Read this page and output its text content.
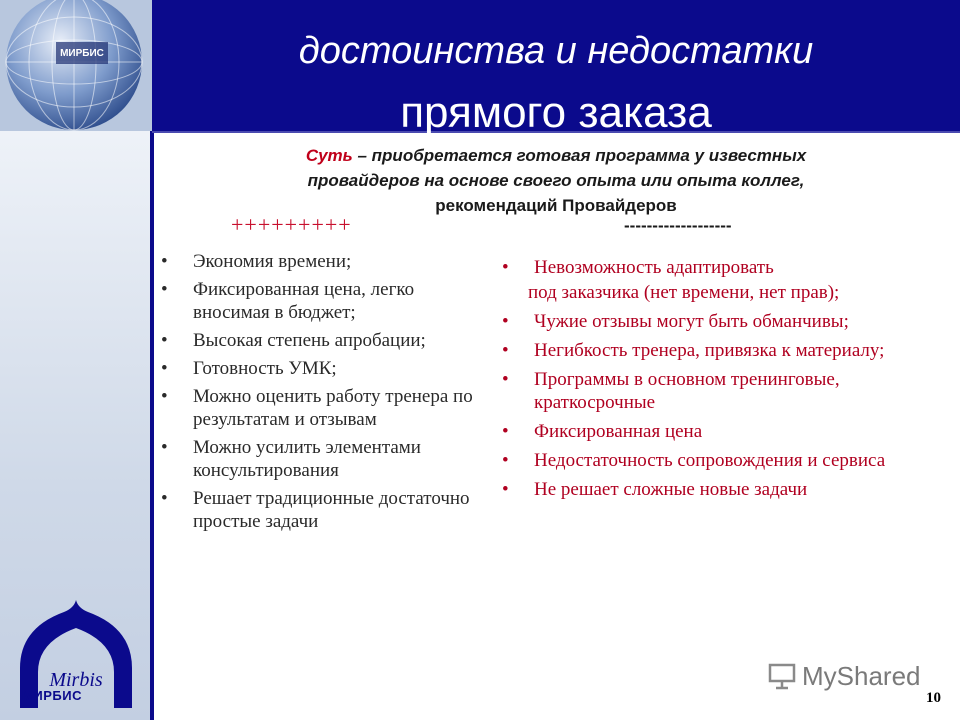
МИРБИС	достоинства и недостатки
прямого заказа
Суть – приобретается готовая программа у известных
провайдеров на основе своего опыта или опыта коллег,
рекомендаций Провайдеров
+++++++++	-------------------
• Экономия времени;
• Фиксированная цена, легко вносимая в бюджет;
• Высокая степень апробации;
• Готовность УМК;
• Можно оценить работу тренера по результатам и отзывам
• Можно усилить элементами консультирования
• Решает традиционные достаточно простые задачи
• Невозможность адаптировать
под заказчика (нет времени, нет прав);
• Чужие отзывы могут быть обманчивы;
• Негибкость тренера, привязка к материалу;
• Программы в основном тренинговые, краткосрочные
• Фиксированная цена
• Недостаточность сопровождения и сервиса
• Не решает сложные новые задачи
Mirbis
МИРБИС
MyShared
10
